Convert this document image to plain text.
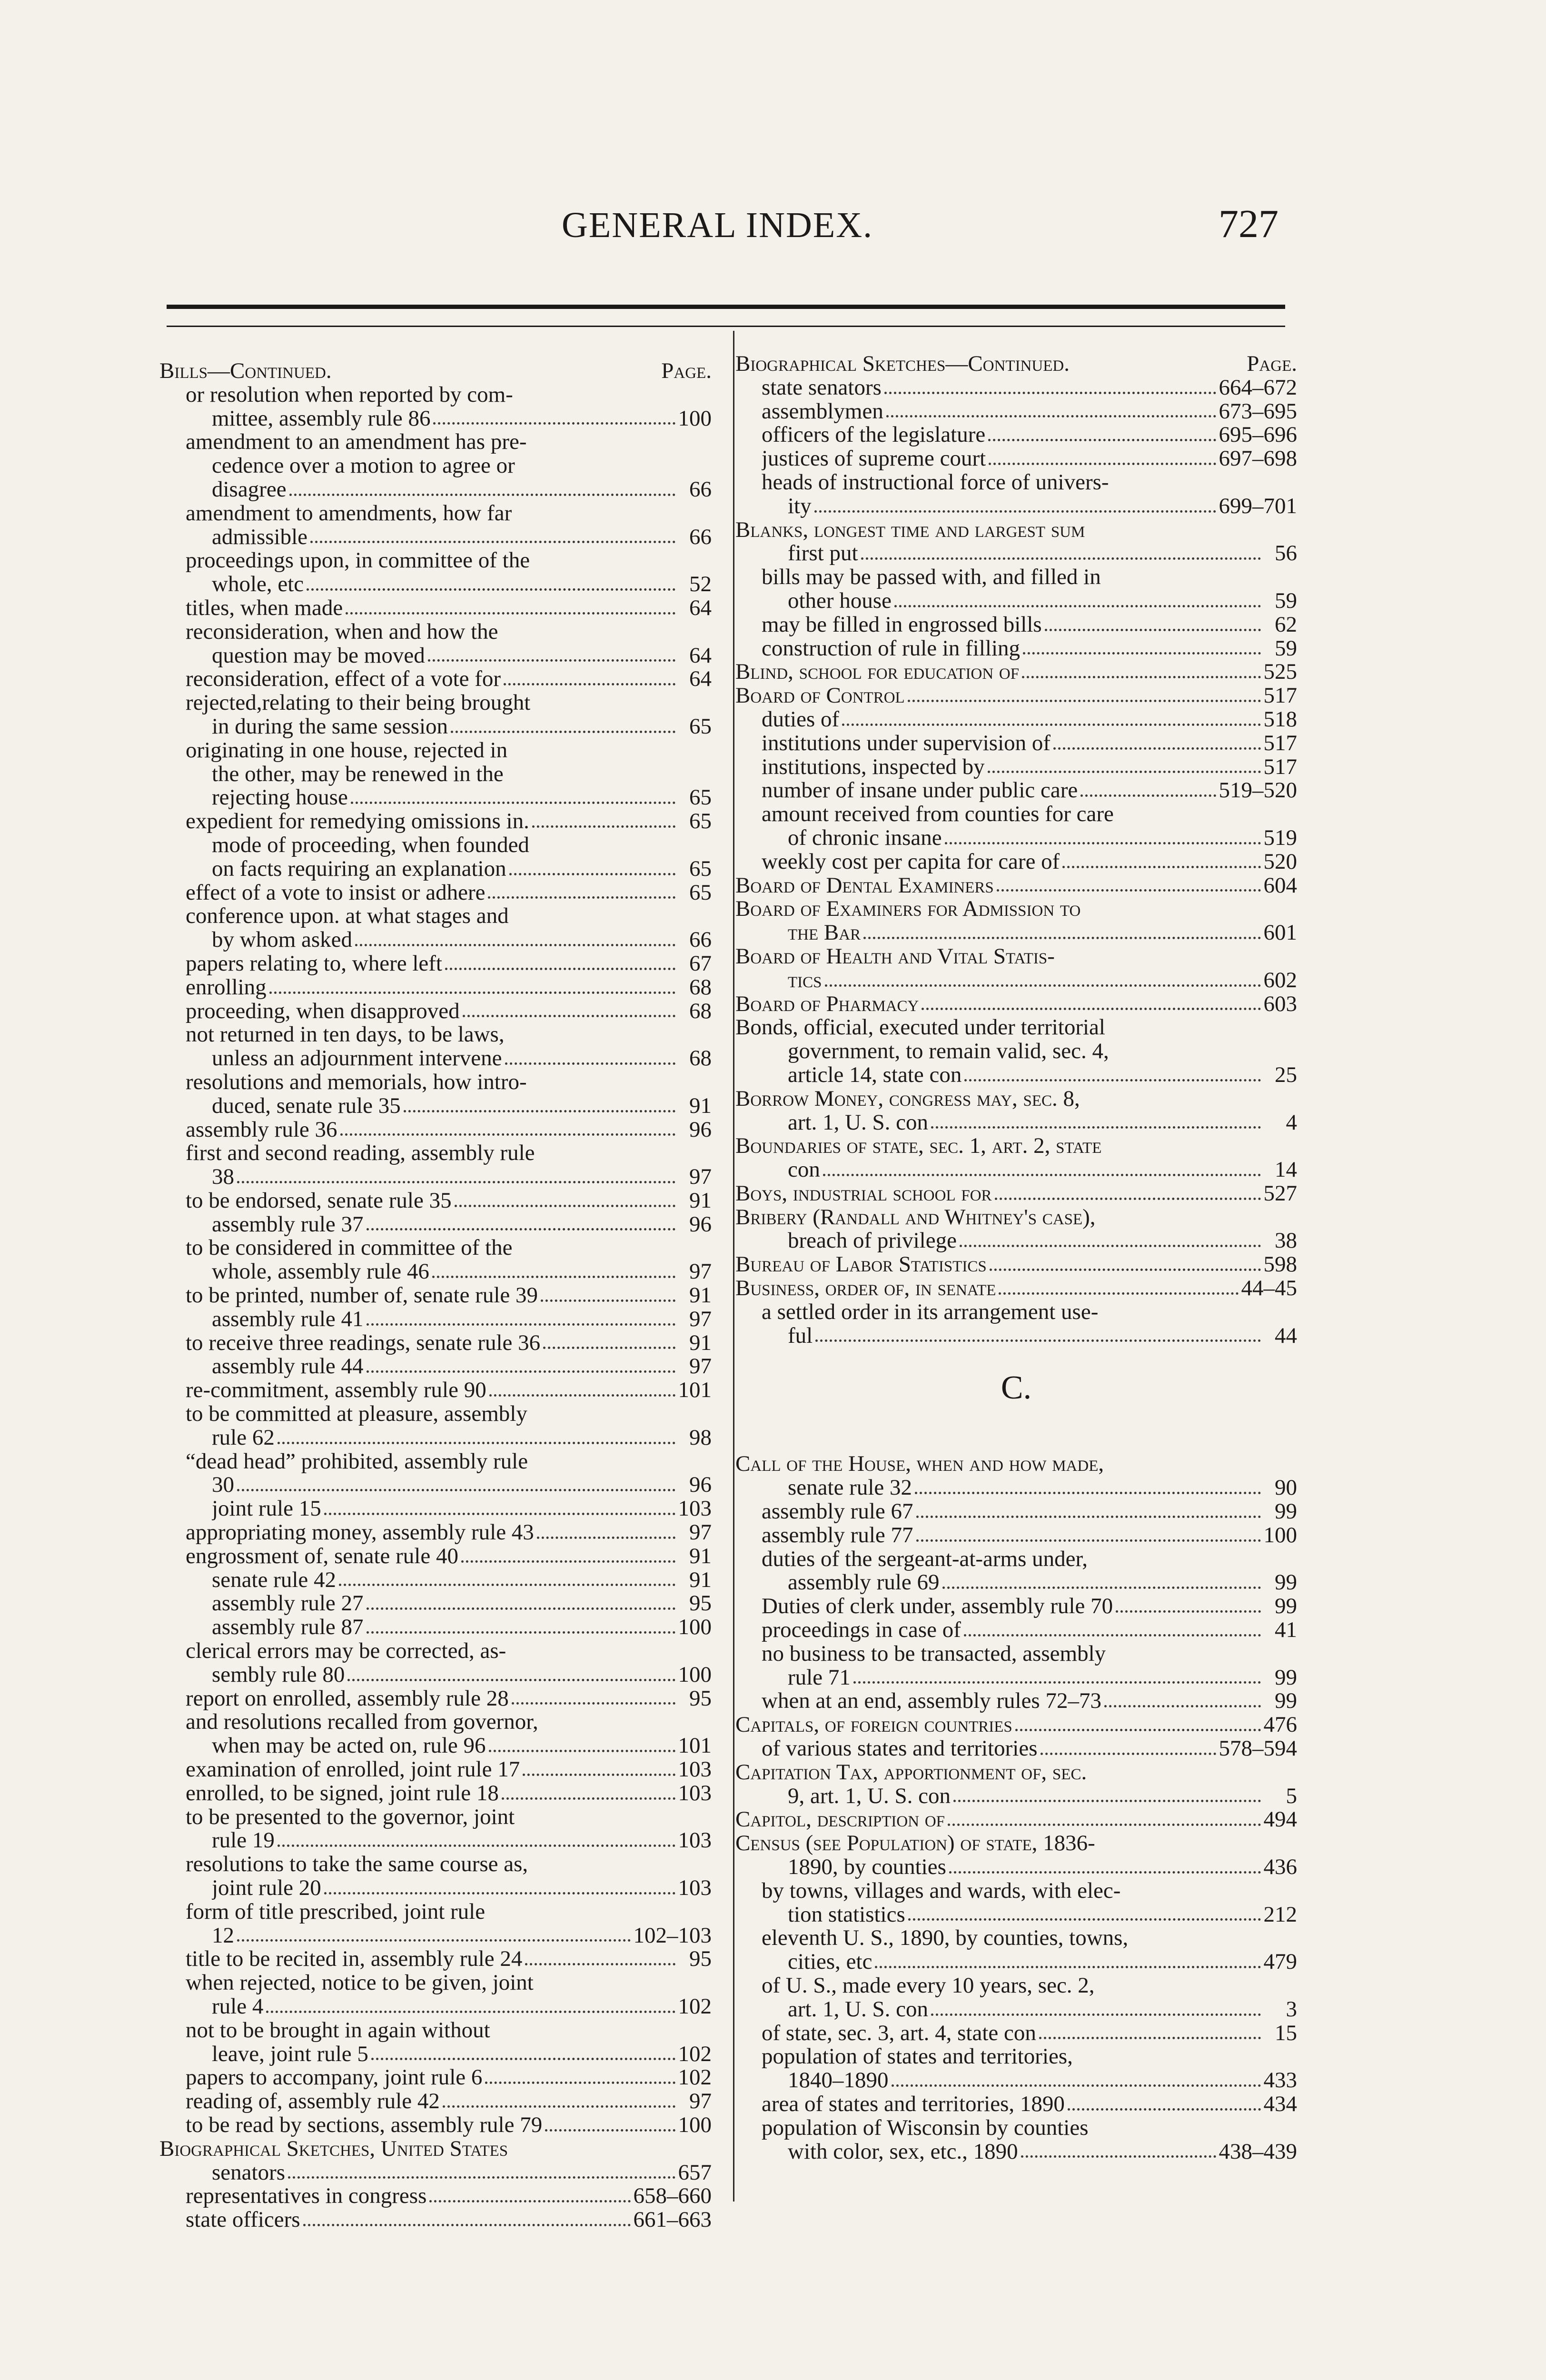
GENERAL INDEX.	727
Bills—Continued.	Page.
or resolution when reported by com-
mittee, assembly rule 86	100
amendment to an amendment has pre-
cedence over a motion to agree or
disagree	66
amendment to amendments, how far
admissible	66
proceedings upon, in committee of the
whole, etc	52
titles, when made	64
reconsideration, when and how the
question may be moved	64
reconsideration, effect of a vote for	64
rejected,relating to their being brought
in during the same session	65
originating in one house, rejected in
the other, may be renewed in the
rejecting house	65
expedient for remedying omissions in.	65
mode of proceeding, when founded
on facts requiring an explanation	65
effect of a vote to insist or adhere	65
conference upon. at what stages and
by whom asked	66
papers relating to, where left	67
enrolling	68
proceeding, when disapproved	68
not returned in ten days, to be laws,
unless an adjournment intervene	68
resolutions and memorials, how intro-
duced, senate rule 35	91
assembly rule 36	96
first and second reading, assembly rule
38	97
to be endorsed, senate rule 35	91
assembly rule 37	96
to be considered in committee of the
whole, assembly rule 46	97
to be printed, number of, senate rule 39	91
assembly rule 41	97
to receive three readings, senate rule 36	91
assembly rule 44	97
re-commitment, assembly rule 90	101
to be committed at pleasure, assembly
rule 62	98
“dead head” prohibited, assembly rule
30	96
joint rule 15	103
appropriating money, assembly rule 43	97
engrossment of, senate rule 40	91
senate rule 42	91
assembly rule 27	95
assembly rule 87	100
clerical errors may be corrected, as-
sembly rule 80	100
report on enrolled, assembly rule 28	95
and resolutions recalled from governor,
when may be acted on, rule 96	101
examination of enrolled, joint rule 17	103
enrolled, to be signed, joint rule 18	103
to be presented to the governor, joint
rule 19	103
resolutions to take the same course as,
joint rule 20	103
form of title prescribed, joint rule
12	102–103
title to be recited in, assembly rule 24	95
when rejected, notice to be given, joint
rule 4	102
not to be brought in again without
leave, joint rule 5	102
papers to accompany, joint rule 6	102
reading of, assembly rule 42	97
to be read by sections, assembly rule 79	100
Biographical Sketches, United States
senators	657
representatives in congress	658–660
state officers	661–663
Biographical Sketches—Continued.	Page.
state senators	664–672
assemblymen	673–695
officers of the legislature	695–696
justices of supreme court	697–698
heads of instructional force of univers-
ity	699–701
Blanks, longest time and largest sum
first put	56
bills may be passed with, and filled in
other house	59
may be filled in engrossed bills	62
construction of rule in filling	59
Blind, school for education of	525
Board of Control	517
duties of	518
institutions under supervision of	517
institutions, inspected by	517
number of insane under public care	519–520
amount received from counties for care
of chronic insane	519
weekly cost per capita for care of	520
Board of Dental Examiners	604
Board of Examiners for Admission to
the Bar	601
Board of Health and Vital Statis-
tics	602
Board of Pharmacy	603
Bonds, official, executed under territorial
government, to remain valid, sec. 4,
article 14, state con	25
Borrow Money, congress may, sec. 8,
art. 1, U. S. con	4
Boundaries of state, sec. 1, art. 2, state
con	14
Boys, industrial school for	527
Bribery (Randall and Whitney's case),
breach of privilege	38
Bureau of Labor Statistics	598
Business, order of, in senate	44–45
a settled order in its arrangement use-
ful	44
C.
Call of the House, when and how made,
senate rule 32	90
assembly rule 67	99
assembly rule 77	100
duties of the sergeant-at-arms under,
assembly rule 69	99
Duties of clerk under, assembly rule 70	99
proceedings in case of	41
no business to be transacted, assembly
rule 71	99
when at an end, assembly rules 72–73	99
Capitals, of foreign countries	476
of various states and territories	578–594
Capitation Tax, apportionment of, sec.
9, art. 1, U. S. con	5
Capitol, description of	494
Census (see Population) of state, 1836-
1890, by counties	436
by towns, villages and wards, with elec-
tion statistics	212
eleventh U. S., 1890, by counties, towns,
cities, etc	479
of U. S., made every 10 years, sec. 2,
art. 1, U. S. con	3
of state, sec. 3, art. 4, state con	15
population of states and territories,
1840–1890	433
area of states and territories, 1890	434
population of Wisconsin by counties
with color, sex, etc., 1890	438–439
